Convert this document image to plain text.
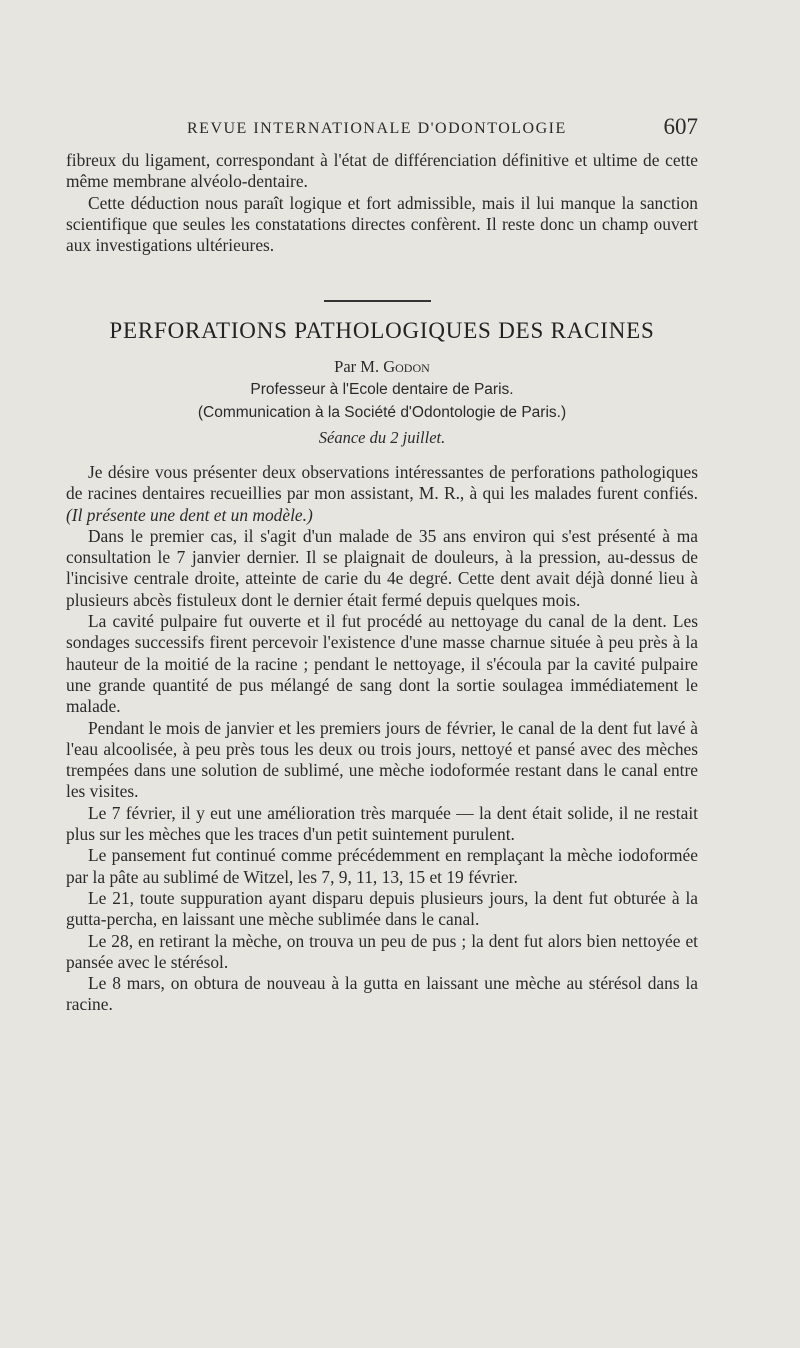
REVUE INTERNATIONALE D'ODONTOLOGIE	607

fibreux du ligament, correspondant à l'état de différenciation définitive et ultime de cette même membrane alvéolo-dentaire.

Cette déduction nous paraît logique et fort admissible, mais il lui manque la sanction scientifique que seules les constatations directes confèrent. Il reste donc un champ ouvert aux investigations ultérieures.

PERFORATIONS PATHOLOGIQUES DES RACINES
Par M. Godon
Professeur à l'Ecole dentaire de Paris.
(Communication à la Société d'Odontologie de Paris.)
Séance du 2 juillet.

Je désire vous présenter deux observations intéressantes de perforations pathologiques de racines dentaires recueillies par mon assistant, M. R., à qui les malades furent confiés. (Il présente une dent et un modèle.)

Dans le premier cas, il s'agit d'un malade de 35 ans environ qui s'est présenté à ma consultation le 7 janvier dernier. Il se plaignait de douleurs, à la pression, au-dessus de l'incisive centrale droite, atteinte de carie du 4e degré. Cette dent avait déjà donné lieu à plusieurs abcès fistuleux dont le dernier était fermé depuis quelques mois.

La cavité pulpaire fut ouverte et il fut procédé au nettoyage du canal de la dent. Les sondages successifs firent percevoir l'existence d'une masse charnue située à peu près à la hauteur de la moitié de la racine ; pendant le nettoyage, il s'écoula par la cavité pulpaire une grande quantité de pus mélangé de sang dont la sortie soulagea immédiatement le malade.

Pendant le mois de janvier et les premiers jours de février, le canal de la dent fut lavé à l'eau alcoolisée, à peu près tous les deux ou trois jours, nettoyé et pansé avec des mèches trempées dans une solution de sublimé, une mèche iodoformée restant dans le canal entre les visites.

Le 7 février, il y eut une amélioration très marquée — la dent était solide, il ne restait plus sur les mèches que les traces d'un petit suintement purulent.

Le pansement fut continué comme précédemment en remplaçant la mèche iodoformée par la pâte au sublimé de Witzel, les 7, 9, 11, 13, 15 et 19 février.

Le 21, toute suppuration ayant disparu depuis plusieurs jours, la dent fut obturée à la gutta-percha, en laissant une mèche sublimée dans le canal.

Le 28, en retirant la mèche, on trouva un peu de pus ; la dent fut alors bien nettoyée et pansée avec le stérésol.

Le 8 mars, on obtura de nouveau à la gutta en laissant une mèche au stérésol dans la racine.
